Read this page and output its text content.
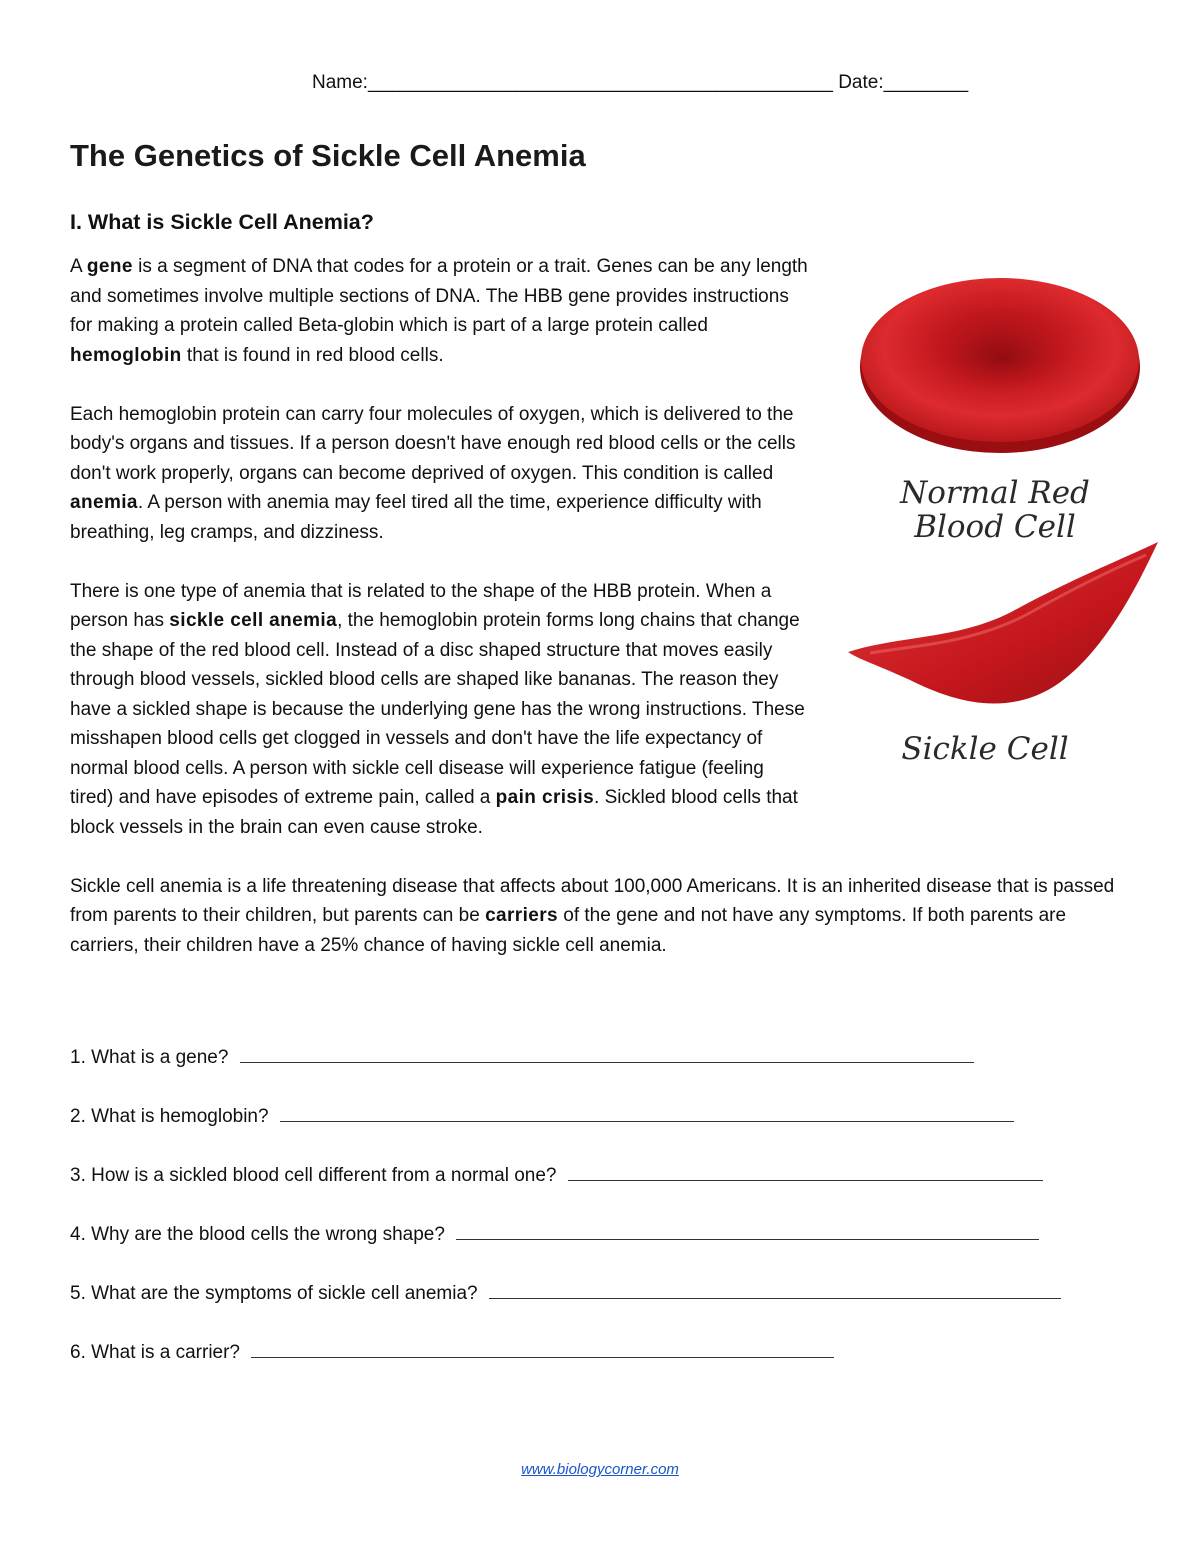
Name:____________________________________________ Date:________
The Genetics of Sickle Cell Anemia
I. What is Sickle Cell Anemia?

A gene is a segment of DNA that codes for a protein or a trait. Genes can be any length and sometimes involve multiple sections of DNA. The HBB gene provides instructions for making a protein called Beta-globin which is part of a large protein called hemoglobin that is found in red blood cells.

Each hemoglobin protein can carry four molecules of oxygen, which is delivered to the body's organs and tissues. If a person doesn't have enough red blood cells or the cells don't work properly, organs can become deprived of oxygen. This condition is called anemia. A person with anemia may feel tired all the time, experience difficulty with breathing, leg cramps, and dizziness.

There is one type of anemia that is related to the shape of the HBB protein. When a person has sickle cell anemia, the hemoglobin protein forms long chains that change the shape of the red blood cell. Instead of a disc shaped structure that moves easily through blood vessels, sickled blood cells are shaped like bananas. The reason they have a sickled shape is because the underlying gene has the wrong instructions. These misshapen blood cells get clogged in vessels and don't have the life expectancy of normal blood cells. A person with sickle cell disease will experience fatigue (feeling tired) and have episodes of extreme pain, called a pain crisis. Sickled blood cells that block vessels in the brain can even cause stroke.

Sickle cell anemia is a life threatening disease that affects about 100,000 Americans. It is an inherited disease that is passed from parents to their children, but parents can be carriers of the gene and not have any symptoms. If both parents are carriers, their children have a 25% chance of having sickle cell anemia.

Normal Red
Blood Cell
Sickle Cell
1. What is a gene?
2. What is hemoglobin?
3. How is a sickled blood cell different from a normal one?
4. Why are the blood cells the wrong shape?
5. What are the symptoms of sickle cell anemia?
6. What is a carrier?
www.biologycorner.com
